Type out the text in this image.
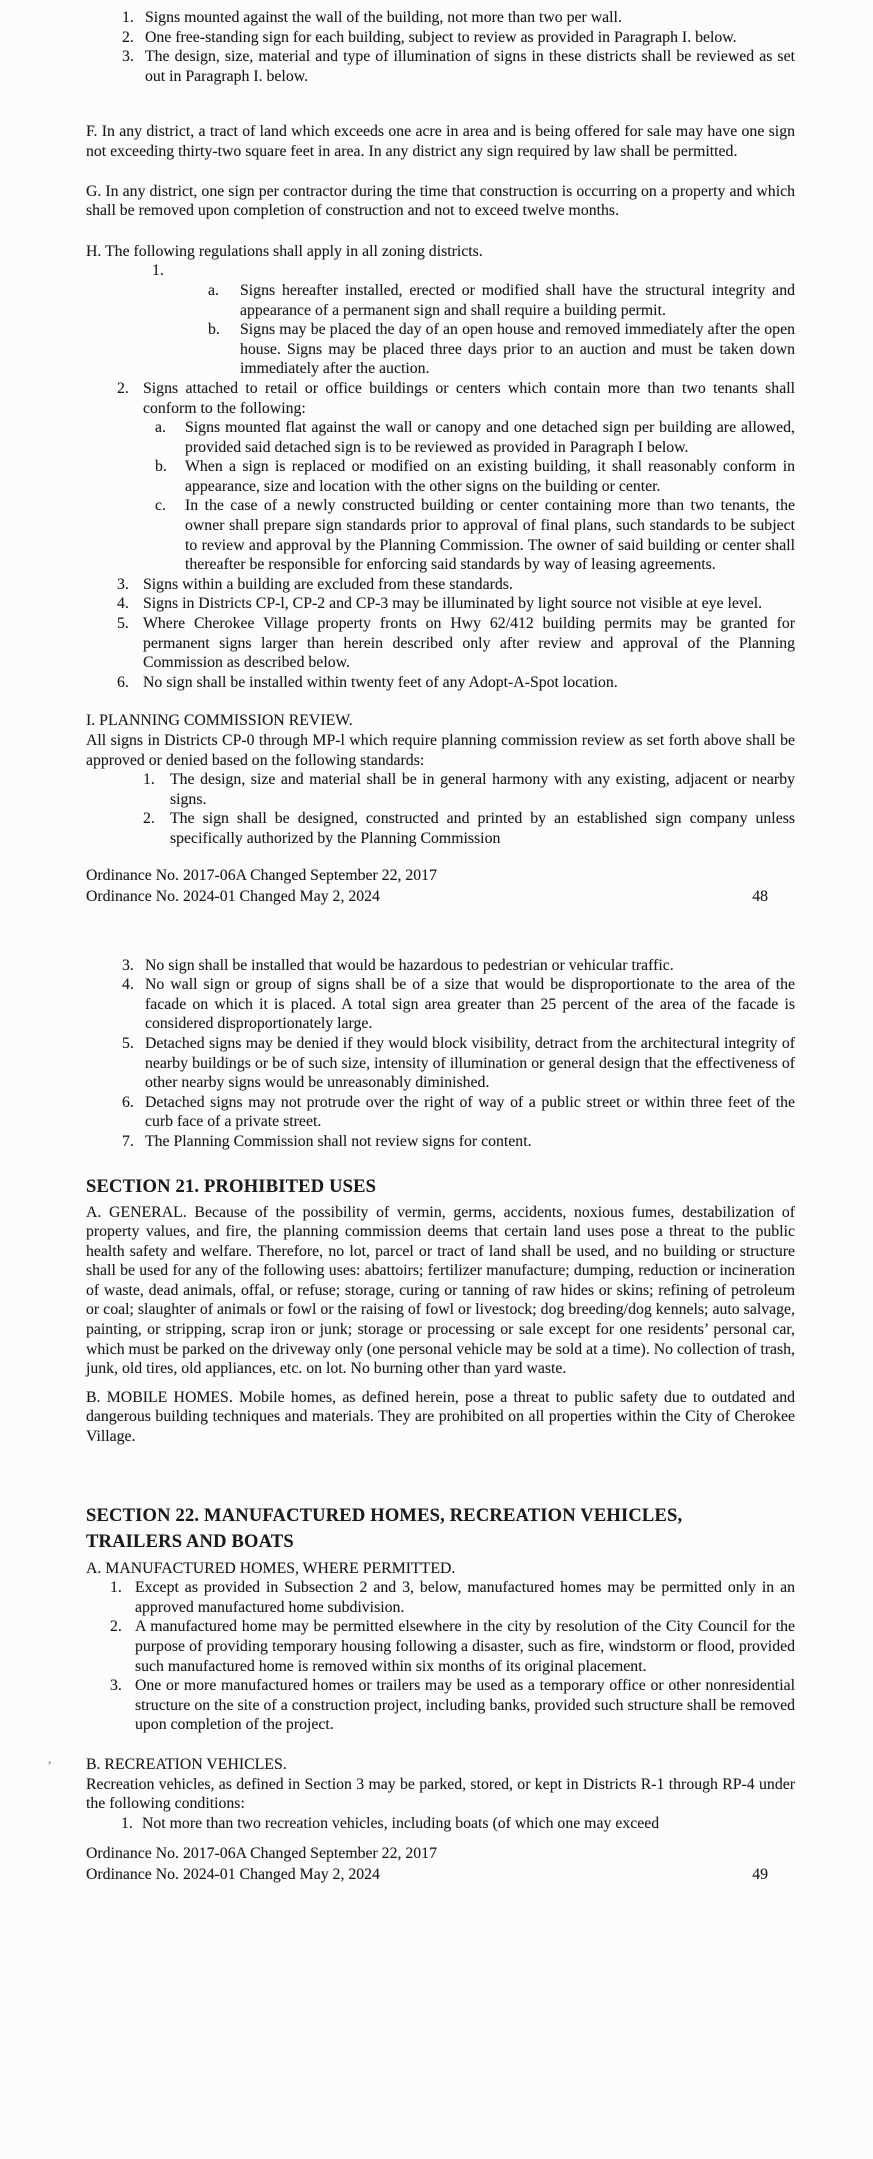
1. Signs mounted against the wall of the building, not more than two per wall.
2. One free-standing sign for each building, subject to review as provided in Paragraph I. below.
3. The design, size, material and type of illumination of signs in these districts shall be reviewed as set out in Paragraph I. below.

F. In any district, a tract of land which exceeds one acre in area and is being offered for sale may have one sign not exceeding thirty-two square feet in area. In any district any sign required by law shall be permitted.

G. In any district, one sign per contractor during the time that construction is occurring on a property and which shall be removed upon completion of construction and not to exceed twelve months.

H. The following regulations shall apply in all zoning districts.

1.
a. Signs hereafter installed, erected or modified shall have the structural integrity and appearance of a permanent sign and shall require a building permit.
b. Signs may be placed the day of an open house and removed immediately after the open house. Signs may be placed three days prior to an auction and must be taken down immediately after the auction.
2. Signs attached to retail or office buildings or centers which contain more than two tenants shall conform to the following:
a. Signs mounted flat against the wall or canopy and one detached sign per building are allowed, provided said detached sign is to be reviewed as provided in Paragraph I below.
b. When a sign is replaced or modified on an existing building, it shall reasonably conform in appearance, size and location with the other signs on the building or center.
c. In the case of a newly constructed building or center containing more than two tenants, the owner shall prepare sign standards prior to approval of final plans, such standards to be subject to review and approval by the Planning Commission. The owner of said building or center shall thereafter be responsible for enforcing said standards by way of leasing agreements.
3. Signs within a building are excluded from these standards.
4. Signs in Districts CP-l, CP-2 and CP-3 may be illuminated by light source not visible at eye level.
5. Where Cherokee Village property fronts on Hwy 62/412 building permits may be granted for permanent signs larger than herein described only after review and approval of the Planning Commission as described below.
6. No sign shall be installed within twenty feet of any Adopt-A-Spot location.

I. PLANNING COMMISSION REVIEW.

All signs in Districts CP-0 through MP-l which require planning commission review as set forth above shall be approved or denied based on the following standards:

1. The design, size and material shall be in general harmony with any existing, adjacent or nearby signs.
2. The sign shall be designed, constructed and printed by an established sign company unless specifically authorized by the Planning Commission
Ordinance No. 2017-06A Changed September 22, 2017
Ordinance No. 2024-01 Changed May 2, 2024	48
3. No sign shall be installed that would be hazardous to pedestrian or vehicular traffic.
4. No wall sign or group of signs shall be of a size that would be disproportionate to the area of the facade on which it is placed. A total sign area greater than 25 percent of the area of the facade is considered disproportionately large.
5. Detached signs may be denied if they would block visibility, detract from the architectural integrity of nearby buildings or be of such size, intensity of illumination or general design that the effectiveness of other nearby signs would be unreasonably diminished.
6. Detached signs may not protrude over the right of way of a public street or within three feet of the curb face of a private street.
7. The Planning Commission shall not review signs for content.
SECTION 21. PROHIBITED USES

A. GENERAL. Because of the possibility of vermin, germs, accidents, noxious fumes, destabilization of property values, and fire, the planning commission deems that certain land uses pose a threat to the public health safety and welfare. Therefore, no lot, parcel or tract of land shall be used, and no building or structure shall be used for any of the following uses: abattoirs; fertilizer manufacture; dumping, reduction or incineration of waste, dead animals, offal, or refuse; storage, curing or tanning of raw hides or skins; refining of petroleum or coal; slaughter of animals or fowl or the raising of fowl or livestock; dog breeding/dog kennels; auto salvage, painting, or stripping, scrap iron or junk; storage or processing or sale except for one residents’ personal car, which must be parked on the driveway only (one personal vehicle may be sold at a time). No collection of trash, junk, old tires, old appliances, etc. on lot. No burning other than yard waste.

B. MOBILE HOMES. Mobile homes, as defined herein, pose a threat to public safety due to outdated and dangerous building techniques and materials. They are prohibited on all properties within the City of Cherokee Village.

SECTION 22. MANUFACTURED HOMES, RECREATION VEHICLES,
TRAILERS AND BOATS

A. MANUFACTURED HOMES, WHERE PERMITTED.

1. Except as provided in Subsection 2 and 3, below, manufactured homes may be permitted only in an approved manufactured home subdivision.
2. A manufactured home may be permitted elsewhere in the city by resolution of the City Council for the purpose of providing temporary housing following a disaster, such as fire, windstorm or flood, provided such manufactured home is removed within six months of its original placement.
3. One or more manufactured homes or trailers may be used as a temporary office or other nonresidential structure on the site of a construction project, including banks, provided such structure shall be removed upon completion of the project.

B. RECREATION VEHICLES.

Recreation vehicles, as defined in Section 3 may be parked, stored, or kept in Districts R-1 through RP-4 under the following conditions:

1. Not more than two recreation vehicles, including boats (of which one may exceed
Ordinance No. 2017-06A Changed September 22, 2017
Ordinance No. 2024-01 Changed May 2, 2024	49
,
